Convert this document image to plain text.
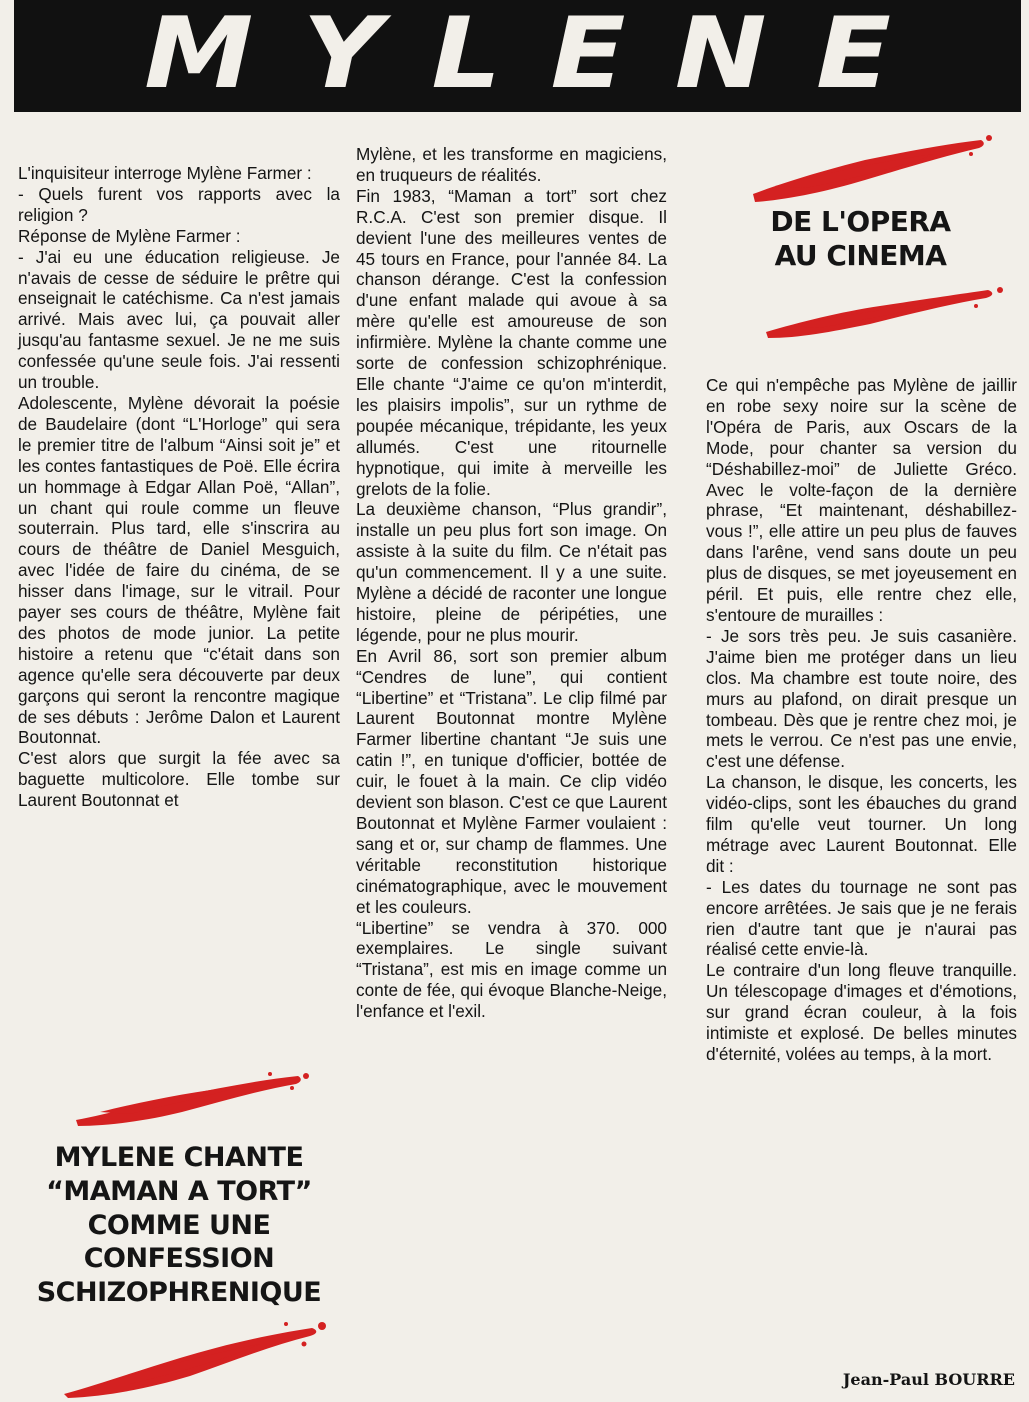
MYLENE

L'inquisiteur interroge Mylène Farmer :

- Quels furent vos rapports avec la religion ?

Réponse de Mylène Farmer :

- J'ai eu une éducation religieuse. Je n'avais de cesse de séduire le prêtre qui enseignait le catéchisme. Ca n'est jamais arrivé. Mais avec lui, ça pouvait aller jusqu'au fantasme sexuel. Je ne me suis confessée qu'une seule fois. J'ai ressenti un trouble.

Adolescente, Mylène dévorait la poésie de Baudelaire (dont “L'Horloge” qui sera le premier titre de l'album “Ainsi soit je” et les contes fantastiques de Poë. Elle écrira un hommage à Edgar Allan Poë, “Allan”, un chant qui roule comme un fleuve souterrain. Plus tard, elle s'inscrira au cours de théâtre de Daniel Mesguich, avec l'idée de faire du cinéma, de se hisser dans l'image, sur le vitrail. Pour payer ses cours de théâtre, Mylène fait des photos de mode junior. La petite histoire a retenu que “c'était dans son agence qu'elle sera découverte par deux garçons qui seront la rencontre magique de ses débuts : Jerôme Dalon et Laurent Boutonnat.

C'est alors que surgit la fée avec sa baguette multicolore. Elle tombe sur Laurent Boutonnat et

Mylène, et les transforme en magiciens, en truqueurs de réalités.

Fin 1983, “Maman a tort” sort chez R.C.A. C'est son premier disque. Il devient l'une des meilleures ventes de 45 tours en France, pour l'année 84. La chanson dérange. C'est la confession d'une enfant malade qui avoue à sa mère qu'elle est amoureuse de son infirmière. Mylène la chante comme une sorte de confession schizophrénique. Elle chante “J'aime ce qu'on m'interdit, les plaisirs impolis”, sur un rythme de poupée mécanique, trépidante, les yeux allumés. C'est une ritournelle hypnotique, qui imite à merveille les grelots de la folie.

La deuxième chanson, “Plus grandir”, installe un peu plus fort son image. On assiste à la suite du film. Ce n'était pas qu'un commencement. Il y a une suite. Mylène a décidé de raconter une longue histoire, pleine de péripéties, une légende, pour ne plus mourir.

En Avril 86, sort son premier album “Cendres de lune”, qui contient “Libertine” et “Tristana”. Le clip filmé par Laurent Boutonnat montre Mylène Farmer libertine chantant “Je suis une catin !”, en tunique d'officier, bottée de cuir, le fouet à la main. Ce clip vidéo devient son blason. C'est ce que Laurent Boutonnat et Mylène Farmer voulaient : sang et or, sur champ de flammes. Une véritable reconstitution historique cinématographique, avec le mouvement et les couleurs.

“Libertine” se vendra à 370. 000 exemplaires. Le single suivant “Tristana”, est mis en image comme un conte de fée, qui évoque Blanche-Neige, l'enfance et l'exil.

Ce qui n'empêche pas Mylène de jaillir en robe sexy noire sur la scène de l'Opéra de Paris, aux Oscars de la Mode, pour chanter sa version du “Déshabillez-moi” de Juliette Gréco. Avec le volte-façon de la dernière phrase, “Et maintenant, déshabillez-vous !”, elle attire un peu plus de fauves dans l'arêne, vend sans doute un peu plus de disques, se met joyeusement en péril. Et puis, elle rentre chez elle, s'entoure de murailles :

- Je sors très peu. Je suis casanière. J'aime bien me protéger dans un lieu clos. Ma chambre est toute noire, des murs au plafond, on dirait presque un tombeau. Dès que je rentre chez moi, je mets le verrou. Ce n'est pas une envie, c'est une défense.

La chanson, le disque, les concerts, les vidéo-clips, sont les ébauches du grand film qu'elle veut tourner. Un long métrage avec Laurent Boutonnat. Elle dit :

- Les dates du tournage ne sont pas encore arrêtées. Je sais que je ne ferais rien d'autre tant que je n'aurai pas réalisé cette envie-là.

Le contraire d'un long fleuve tranquille. Un télescopage d'images et d'émotions, sur grand écran couleur, à la fois intimiste et explosé. De belles minutes d'éternité, volées au temps, à la mort.

MYLENE CHANTE
“MAMAN A TORT”
COMME UNE
CONFESSION
SCHIZOPHRENIQUE
DE L'OPERA
AU CINEMA
Jean-Paul BOURRE
